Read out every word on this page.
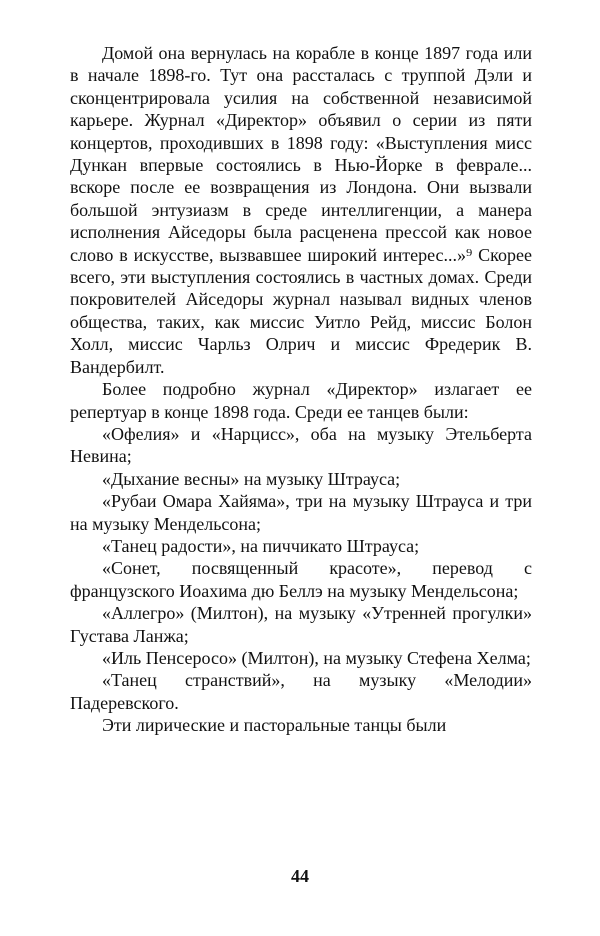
Домой она вернулась на корабле в конце 1897 года или в начале 1898-го. Тут она рассталась с труппой Дэли и сконцентрировала усилия на собственной независимой карьере. Журнал «Директор» объявил о серии из пяти концертов, проходивших в 1898 году: «Выступления мисс Дункан впервые состоялись в Нью-Йорке в феврале... вскоре после ее возвращения из Лондона. Они вызвали большой энтузиазм в среде интеллигенции, а манера исполнения Айседоры была расценена прессой как новое слово в искусстве, вызвавшее широкий интерес...»⁹ Скорее всего, эти выступления состоялись в частных домах. Среди покровителей Айседоры журнал называл видных членов общества, таких, как миссис Уитло Рейд, миссис Болон Холл, миссис Чарльз Олрич и миссис Фредерик В. Вандербилт.

Более подробно журнал «Директор» излагает ее репертуар в конце 1898 года. Среди ее танцев были:

«Офелия» и «Нарцисс», оба на музыку Этельберта Невина;

«Дыхание весны» на музыку Штрауса;

«Рубаи Омара Хайяма», три на музыку Штрауса и три на музыку Мендельсона;

«Танец радости», на пиччикато Штрауса;

«Сонет, посвященный красоте», перевод с французского Иоахима дю Беллэ на музыку Мендельсона;

«Аллегро» (Милтон), на музыку «Утренней прогулки» Густава Ланжа;

«Иль Пенсеросо» (Милтон), на музыку Стефена Хелма;

«Танец странствий», на музыку «Мелодии» Падеревского.

Эти лирические и пасторальные танцы были

44
